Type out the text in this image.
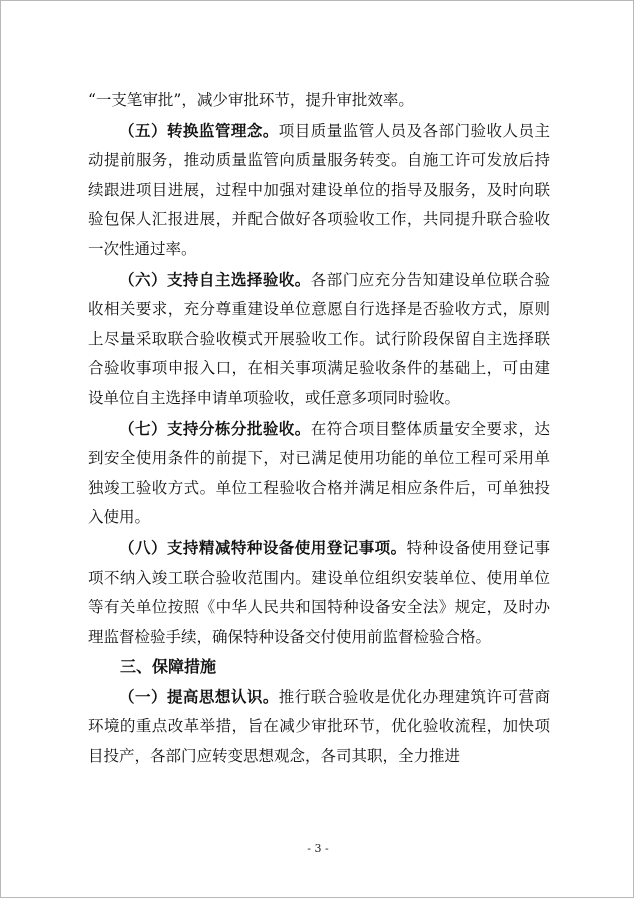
“一支笔审批”，减少审批环节，提升审批效率。

（五）转换监管理念。项目质量监管人员及各部门验收人员主动提前服务，推动质量监管向质量服务转变。自施工许可发放后持续跟进项目进展，过程中加强对建设单位的指导及服务，及时向联验包保人汇报进展，并配合做好各项验收工作，共同提升联合验收一次性通过率。

（六）支持自主选择验收。各部门应充分告知建设单位联合验收相关要求，充分尊重建设单位意愿自行选择是否验收方式，原则上尽量采取联合验收模式开展验收工作。试行阶段保留自主选择联合验收事项申报入口，在相关事项满足验收条件的基础上，可由建设单位自主选择申请单项验收，或任意多项同时验收。

（七）支持分栋分批验收。在符合项目整体质量安全要求，达到安全使用条件的前提下，对已满足使用功能的单位工程可采用单独竣工验收方式。单位工程验收合格并满足相应条件后，可单独投入使用。

（八）支持精减特种设备使用登记事项。特种设备使用登记事项不纳入竣工联合验收范围内。建设单位组织安装单位、使用单位等有关单位按照《中华人民共和国特种设备安全法》规定，及时办理监督检验手续，确保特种设备交付使用前监督检验合格。

三、保障措施

（一）提高思想认识。推行联合验收是优化办理建筑许可营商环境的重点改革举措，旨在减少审批环节，优化验收流程，加快项目投产，各部门应转变思想观念，各司其职，全力推进

- 3 -
